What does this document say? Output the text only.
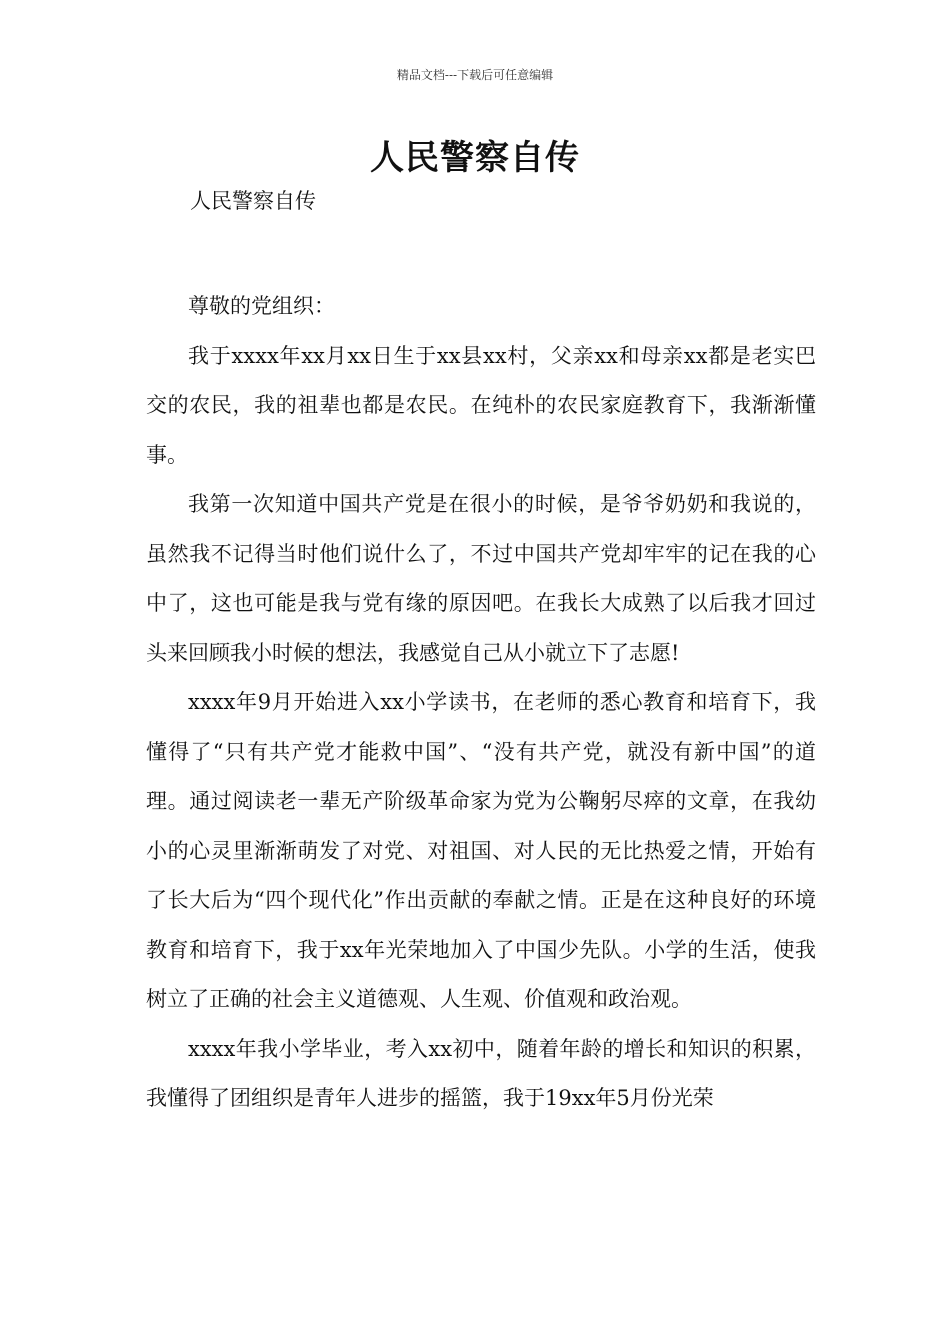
精品文档---下载后可任意编辑
人民警察自传
人民警察自传

尊敬的党组织：

我于xxxx年xx月xx日生于xx县xx村，父亲xx和母亲xx都是老实巴交的农民，我的祖辈也都是农民。在纯朴的农民家庭教育下，我渐渐懂事。

我第一次知道中国共产党是在很小的时候，是爷爷奶奶和我说的，虽然我不记得当时他们说什么了，不过中国共产党却牢牢的记在我的心中了，这也可能是我与党有缘的原因吧。在我长大成熟了以后我才回过头来回顾我小时候的想法，我感觉自己从小就立下了志愿!

xxxx年9月开始进入xx小学读书，在老师的悉心教育和培育下，我懂得了“只有共产党才能救中国”、“没有共产党，就没有新中国”的道理。通过阅读老一辈无产阶级革命家为党为公鞠躬尽瘁的文章，在我幼小的心灵里渐渐萌发了对党、对祖国、对人民的无比热爱之情，开始有了长大后为“四个现代化”作出贡献的奉献之情。正是在这种良好的环境教育和培育下，我于xx年光荣地加入了中国少先队。小学的生活，使我树立了正确的社会主义道德观、人生观、价值观和政治观。

xxxx年我小学毕业，考入xx初中，随着年龄的增长和知识的积累，我懂得了团组织是青年人进步的摇篮，我于19xx年5月份光荣
